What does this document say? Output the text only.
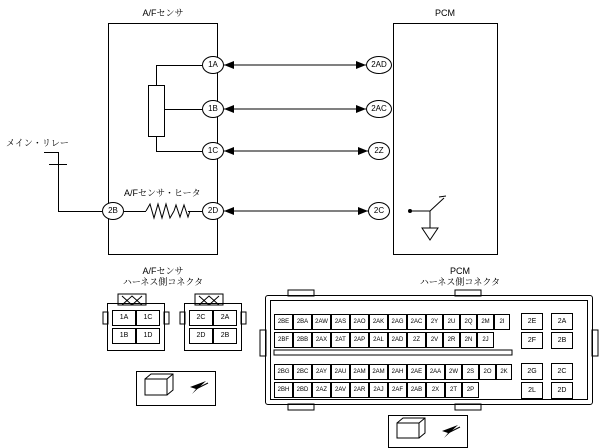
A/Fセンサ	PCM
メイン・リレー
1A
1B
1C
2B	2D
A/Fセンサ・ヒータ
2AD
2AC
2Z
2C
A/Fセンサ
ハーネス側コネクタ
1A	1C
1B	1D
2C	2A
2D	2B
PCM
ハーネス側コネクタ
2BE	2BA	2AW	2AS	2AO	2AK	2AG	2AC	2Y	2U	2Q	2M	2I
2BF	2BB	2AX	2AT	2AP	2AL	2AD	2Z	2V	2R	2N	2J
2E	2A
2F	2B
2BG	2BC	2AY	2AU	2AM	2AM	2AH	2AE	2AA	2W	2S	2O	2K
2BH	2BD	2AZ	2AV	2AR	2AJ	2AF	2AB	2X	2T	2P
2G	2C
2L	2D
